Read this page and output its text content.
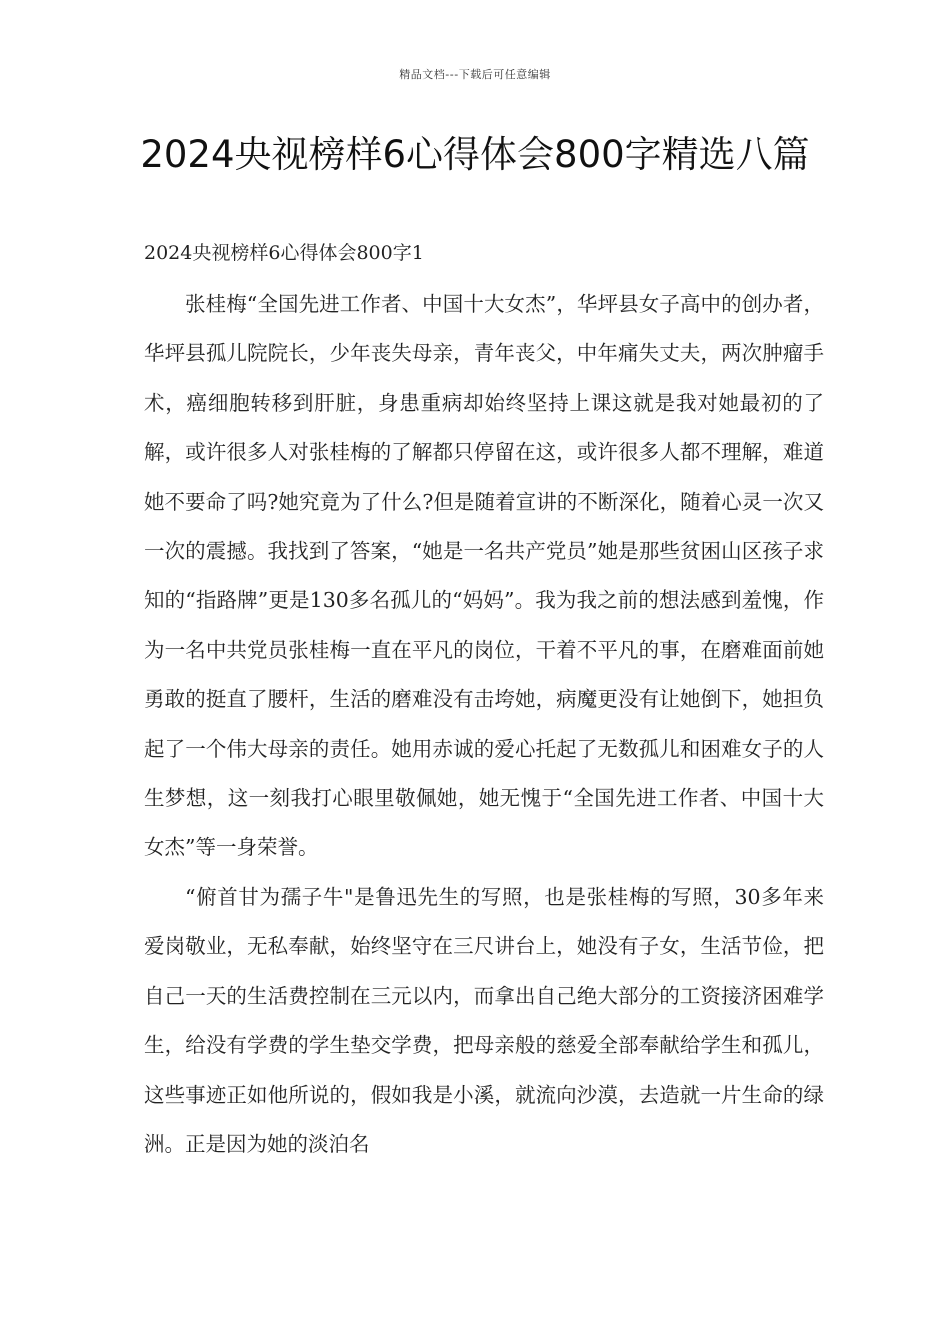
精品文档---下载后可任意编辑
2024央视榜样6心得体会800字精选八篇

2024央视榜样6心得体会800字1

张桂梅“全国先进工作者、中国十大女杰”，华坪县女子高中的创办者，华坪县孤儿院院长，少年丧失母亲，青年丧父，中年痛失丈夫，两次肿瘤手术，癌细胞转移到肝脏，身患重病却始终坚持上课这就是我对她最初的了解，或许很多人对张桂梅的了解都只停留在这，或许很多人都不理解，难道她不要命了吗?她究竟为了什么?但是随着宣讲的不断深化，随着心灵一次又一次的震撼。我找到了答案，“她是一名共产党员”她是那些贫困山区孩子求知的“指路牌”更是130多名孤儿的“妈妈”。我为我之前的想法感到羞愧，作为一名中共党员张桂梅一直在平凡的岗位，干着不平凡的事，在磨难面前她勇敢的挺直了腰杆，生活的磨难没有击垮她，病魔更没有让她倒下，她担负起了一个伟大母亲的责任。她用赤诚的爱心托起了无数孤儿和困难女子的人生梦想，这一刻我打心眼里敬佩她，她无愧于“全国先进工作者、中国十大女杰”等一身荣誉。

“俯首甘为孺子牛"是鲁迅先生的写照，也是张桂梅的写照，30多年来爱岗敬业，无私奉献，始终坚守在三尺讲台上，她没有子女，生活节俭，把自己一天的生活费控制在三元以内，而拿出自己绝大部分的工资接济困难学生，给没有学费的学生垫交学费，把母亲般的慈爱全部奉献给学生和孤儿，这些事迹正如他所说的，假如我是小溪，就流向沙漠，去造就一片生命的绿洲。正是因为她的淡泊名
